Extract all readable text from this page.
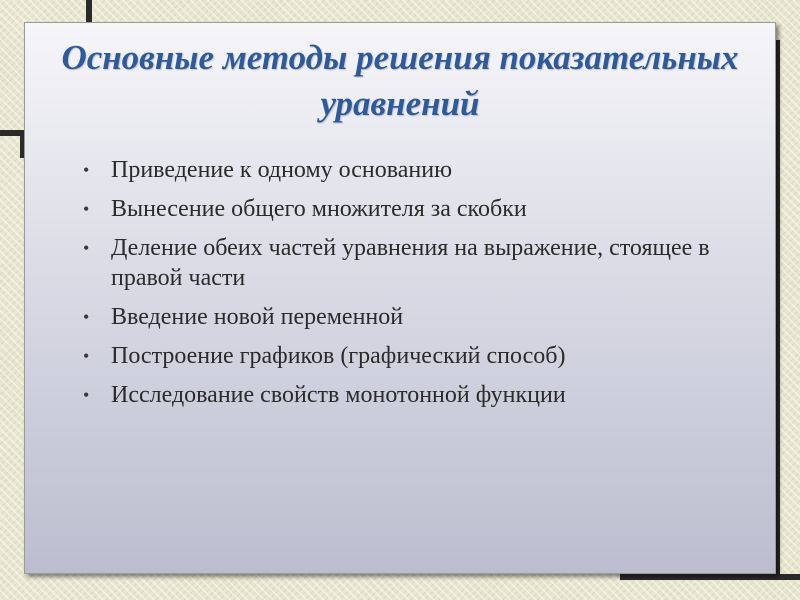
Основные методы решения показательных уравнений
• Приведение к одному основанию
• Вынесение общего множителя за скобки
• Деление обеих частей уравнения на выражение, стоящее в правой части
• Введение новой переменной
• Построение графиков (графический способ)
• Исследование свойств монотонной функции
